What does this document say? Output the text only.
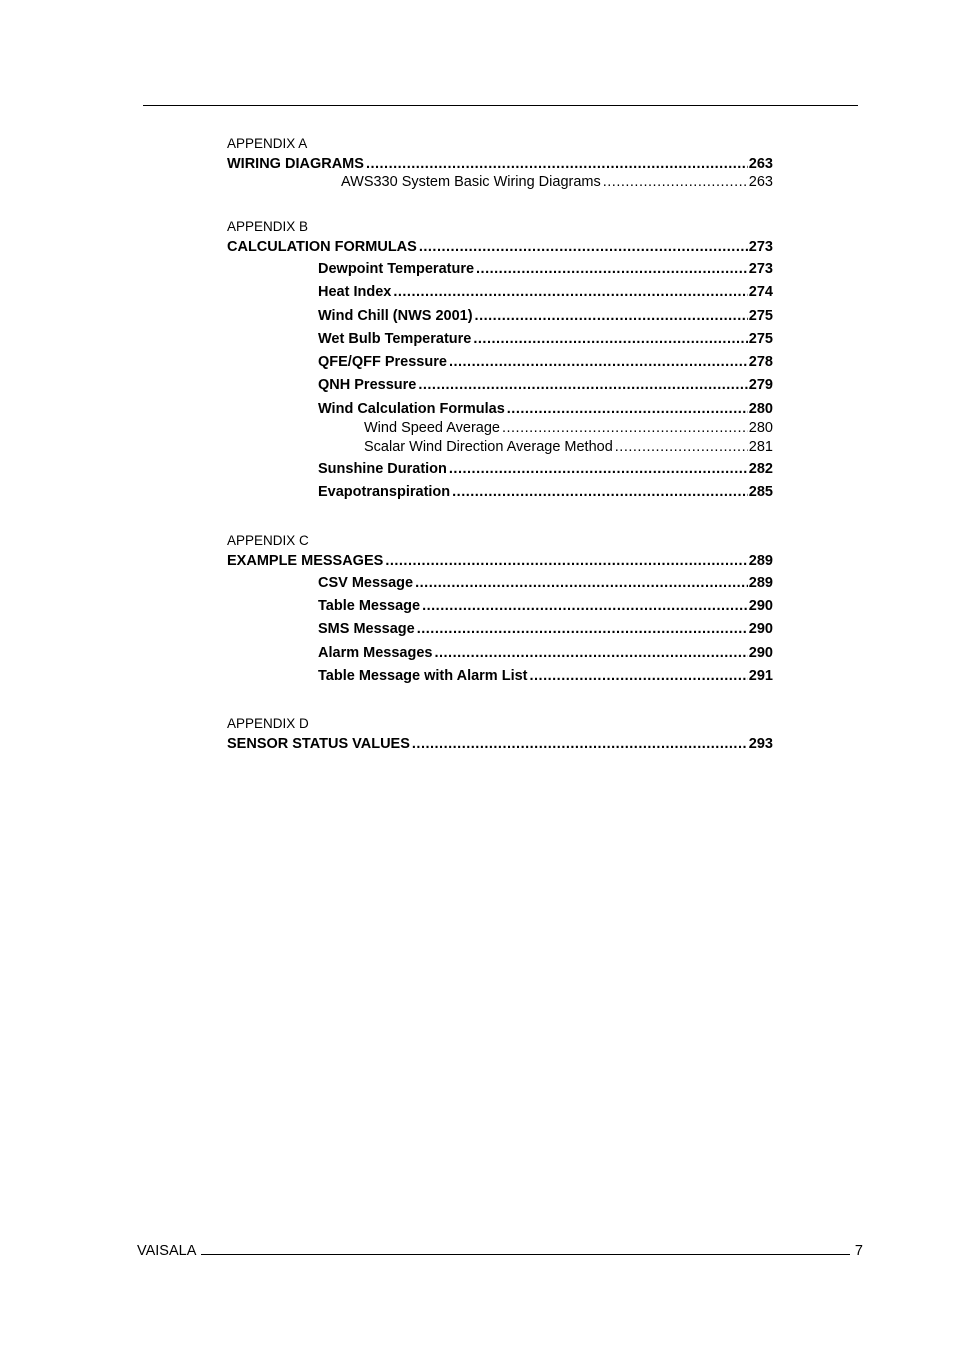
APPENDIX A
WIRING DIAGRAMS .....	263
AWS330 System Basic Wiring Diagrams .....	263
APPENDIX B
CALCULATION FORMULAS .....	273
Dewpoint Temperature .....	273
Heat Index .....	274
Wind Chill (NWS 2001) .....	275
Wet Bulb Temperature .....	275
QFE/QFF Pressure .....	278
QNH Pressure .....	279
Wind Calculation Formulas .....	280
Wind Speed Average .....	280
Scalar Wind Direction Average Method .....	281
Sunshine Duration .....	282
Evapotranspiration .....	285
APPENDIX C
EXAMPLE MESSAGES .....	289
CSV Message .....	289
Table Message .....	290
SMS Message .....	290
Alarm Messages .....	290
Table Message with Alarm List .....	291
APPENDIX D
SENSOR STATUS VALUES .....	293
VAISALA	7
